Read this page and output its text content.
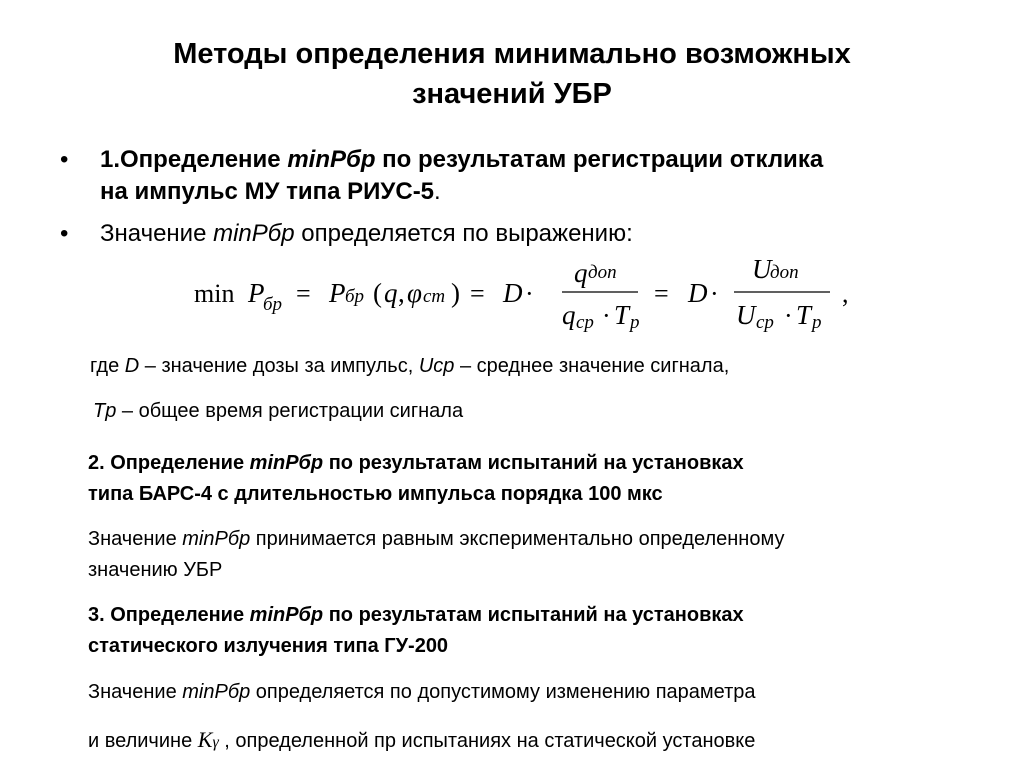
Методы определения минимально возможных
значений УБР
• 1.Определение minPбр по результатам регистрации отклика
на импульс МУ типа РИУС-5.
• Значение minPбр определяется по выражению:
min P
бр = P бр ( q , φ ст ) = D ·
q доп
q ср · T р
= D ·
U
доп
U ср · T р
,
где D – значение дозы за импульс, Uср – среднее значение сигнала,
Tр – общее время регистрации сигнала
2. Определение minPбр по результатам испытаний на установках
типа БАРС-4 с длительностью импульса порядка 100 мкс
Значение minPбр принимается равным экспериментально определенному
значению УБР
3. Определение minPбр по результатам испытаний на установках
статического излучения типа ГУ-200
Значение minPбр определяется по допустимому изменению параметра
и величине Kγ , определенной пр испытаниях на статической установке
